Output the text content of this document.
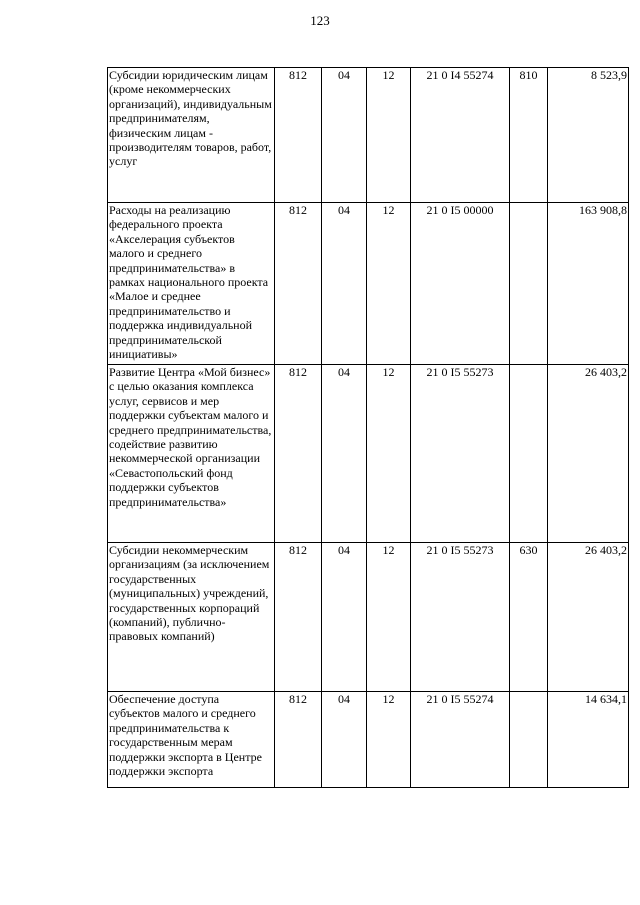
123
Субсидии юридическим лицам (кроме некоммерческих организаций), индивидуальным предпринимателям, физическим лицам - производителям товаров, работ, услуг	812	04	12	21 0 I4 55274	810	8 523,9
Расходы на реализацию федерального проекта «Акселерация субъектов малого и среднего предпринимательства» в рамках национального проекта «Малое и среднее предпринимательство и поддержка индивидуальной предпринимательской инициативы»	812	04	12	21 0 I5 00000		163 908,8
Развитие Центра «Мой бизнес» с целью оказания комплекса услуг, сервисов и мер поддержки субъектам малого и среднего предпринимательства, содействие развитию некоммерческой организации «Севастопольский фонд поддержки субъектов предпринимательства»	812	04	12	21 0 I5 55273		26 403,2
Субсидии некоммерческим организациям (за исключением государственных (муниципальных) учреждений, государственных корпораций (компаний), публично-правовых компаний)	812	04	12	21 0 I5 55273	630	26 403,2
Обеспечение доступа субъектов малого и среднего предпринимательства к государственным мерам поддержки экспорта в Центре поддержки экспорта	812	04	12	21 0 I5 55274		14 634,1
